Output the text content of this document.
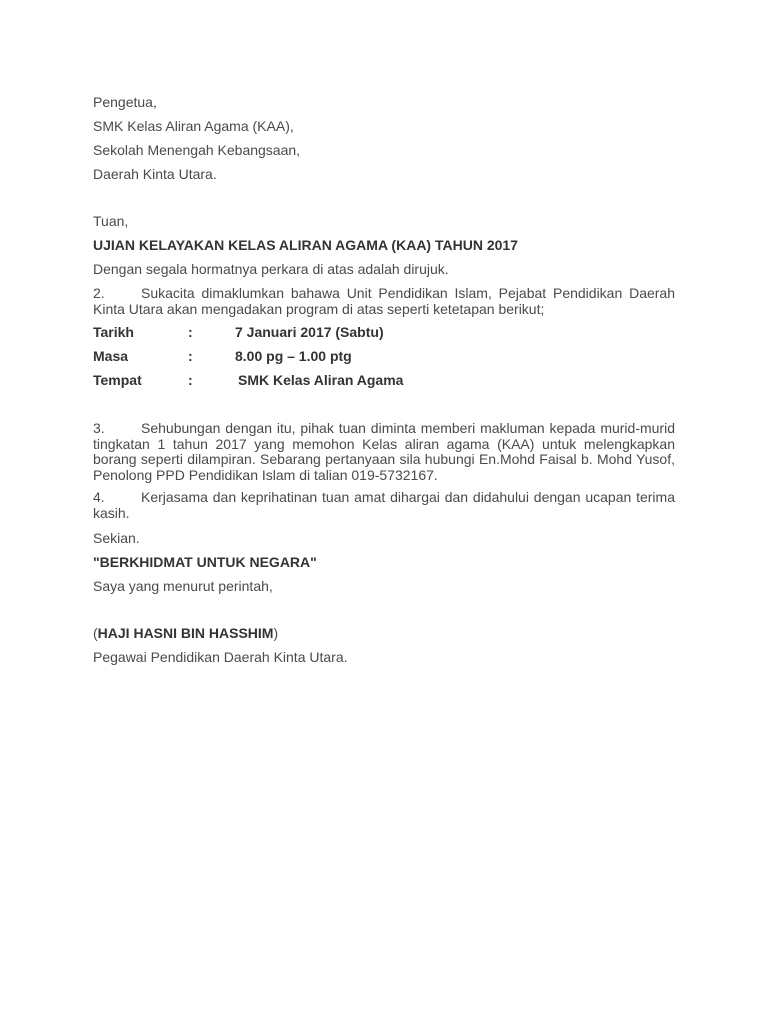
Pengetua,
SMK Kelas Aliran Agama (KAA),
Sekolah Menengah Kebangsaan,
Daerah Kinta Utara.
Tuan,
UJIAN KELAYAKAN KELAS ALIRAN AGAMA (KAA) TAHUN 2017
Dengan segala hormatnya perkara di atas adalah dirujuk.
2.	Sukacita dimaklumkan bahawa Unit Pendidikan Islam, Pejabat Pendidikan Daerah Kinta Utara akan mengadakan program di atas seperti ketetapan berikut;
Tarikh	:	7 Januari 2017 (Sabtu)
Masa	:	8.00 pg – 1.00 ptg
Tempat	:	SMK Kelas Aliran Agama
3.	Sehubungan dengan itu, pihak tuan diminta memberi makluman kepada murid-murid tingkatan 1 tahun 2017 yang memohon Kelas aliran agama (KAA) untuk melengkapkan borang seperti dilampiran. Sebarang pertanyaan sila hubungi En.Mohd Faisal b. Mohd Yusof, Penolong PPD Pendidikan Islam di talian 019-5732167.
4.	Kerjasama dan keprihatinan tuan amat dihargai dan didahului dengan ucapan terima kasih.
Sekian.
"BERKHIDMAT UNTUK NEGARA"
Saya yang menurut perintah,
(HAJI HASNI BIN HASSHIM)
Pegawai Pendidikan Daerah Kinta Utara.
